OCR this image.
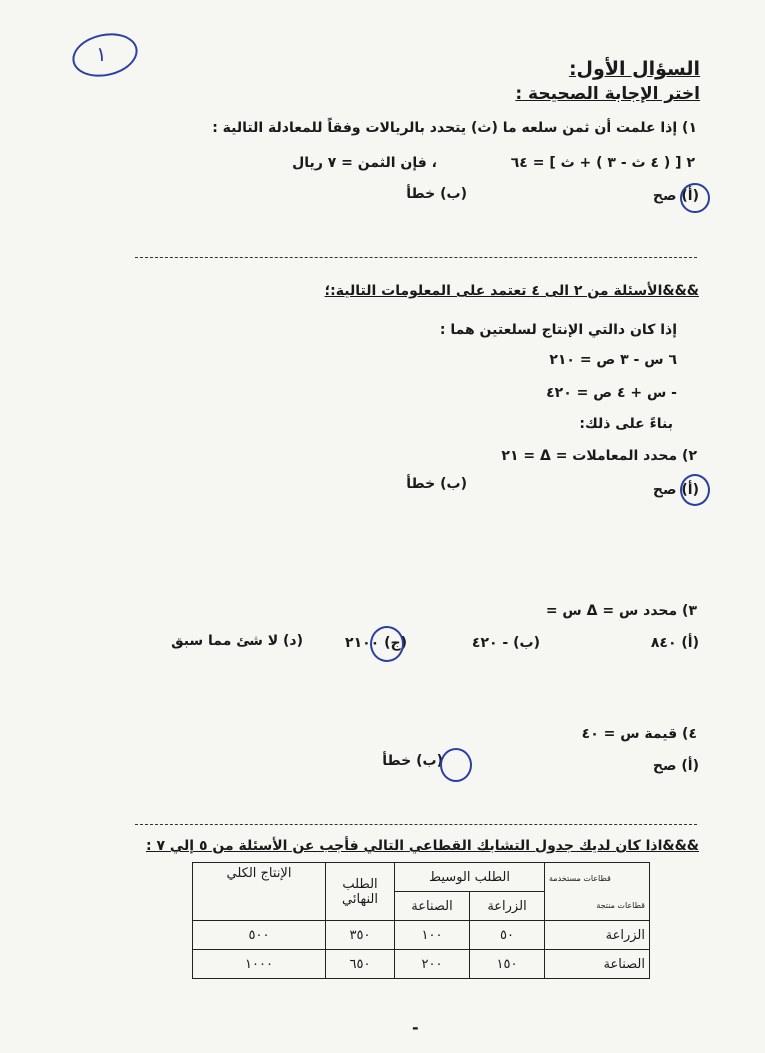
١
السؤال الأول:
اختر الإجابة الصحيحة :
١) إذا علمت أن ثمن سلعه ما (ث) يتحدد بالريالات وفقاً للمعادلة التالية :
٢ [ ( ٤ ث - ٣ ) + ث ] = ٦٤
، فإن الثمن = ٧ ريال
(أ) صح
(ب) خطأ
&&&الأسئلة من ٢ الى ٤ تعتمد على المعلومات التالية:؛
إذا كان دالتي الإنتاج لسلعتين هما :
٦ س - ٣ ص = ٢١٠
- س + ٤ ص = ٤٢٠
بناءً على ذلك:
٢) محدد المعاملات = Δ = ٢١
(أ) صح
(ب) خطأ
٣) محدد س = Δ س =
(أ) ٨٤٠
(ب) - ٤٢٠
(ج) ٢١٠٠
(د) لا شئ مما سبق
٤) قيمة س = ٤٠
(أ) صح
(ب) خطأ
&&&اذا كان لديك جدول التشابك القطاعي التالي فأجب عن الأسئلة من ٥ إلي ٧ :
قطاعات مستخدمة
قطاعات منتجة	الطلب الوسيط		الطلب النهائي	الإنتاج الكلي
	الزراعة	الصناعة		
الزراعة	٥٠	١٠٠	٣٥٠	٥٠٠
الصناعة	١٥٠	٢٠٠	٦٥٠	١٠٠٠
-
